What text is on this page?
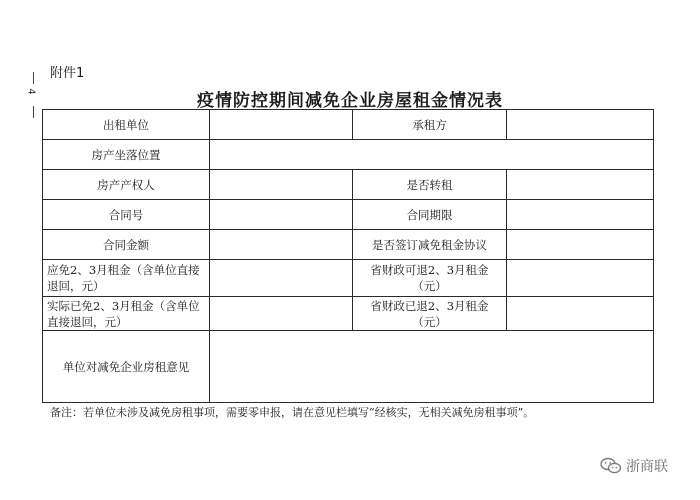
附件1
4	疫情防控期间减免企业房屋租金情况表
出租单位		承租方	
房产坐落位置			
房产产权人		是否转租	
合同号		合同期限	
合同金额		是否签订减免租金协议	
应免2、3月租金（含单位直接退回，元）		省财政可退2、3月租金（元）	
实际已免2、3月租金（含单位直接退回，元）		省财政已退2、3月租金（元）	
单位对减免企业房租意见			
备注：若单位未涉及减免房租事项，需要零申报，请在意见栏填写“经核实，无相关减免房租事项”。
浙商联
